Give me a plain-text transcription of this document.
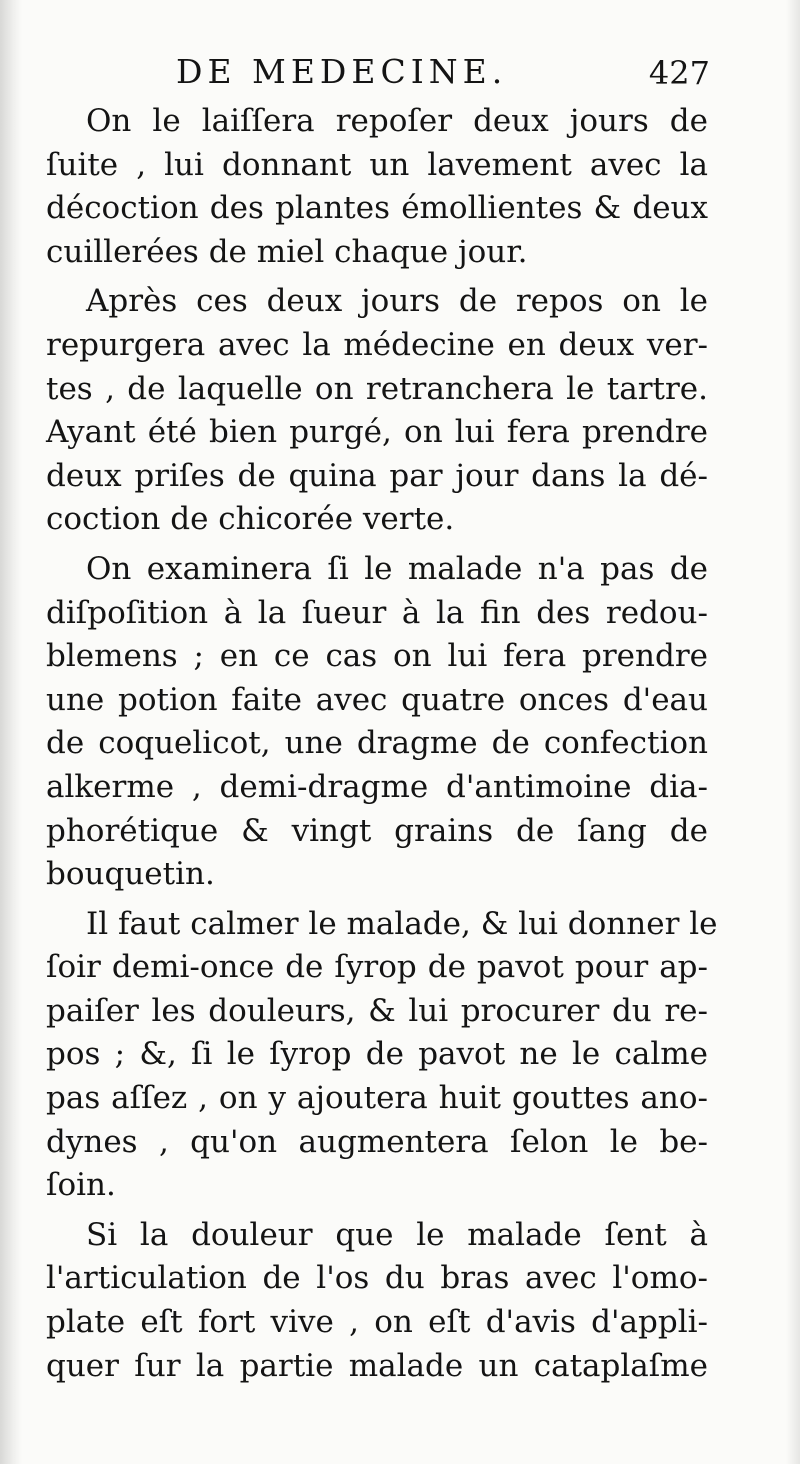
DE MEDECINE.	427
On le laiſſera repoſer deux jours de
ſuite , lui donnant un lavement avec la
décoction des plantes émollientes & deux
cuillerées de miel chaque jour.
Après ces deux jours de repos on le
repurgera avec la médecine en deux ver-
tes , de laquelle on retranchera le tartre.
Ayant été bien purgé, on lui fera prendre
deux priſes de quina par jour dans la dé-
coction de chicorée verte.
On examinera ſi le malade n'a pas de
diſpoſition à la ſueur à la fin des redou-
blemens ; en ce cas on lui fera prendre
une potion faite avec quatre onces d'eau
de coquelicot, une dragme de confection
alkerme , demi-dragme d'antimoine dia-
phorétique & vingt grains de ſang de
bouquetin.
Il faut calmer le malade, & lui donner le
ſoir demi-once de ſyrop de pavot pour ap-
paiſer les douleurs, & lui procurer du re-
pos ; &, ſi le ſyrop de pavot ne le calme
pas aſſez , on y ajoutera huit gouttes ano-
dynes , qu'on augmentera ſelon le be-
ſoin.
Si la douleur que le malade ſent à
l'articulation de l'os du bras avec l'omo-
plate eſt fort vive , on eſt d'avis d'appli-
quer ſur la partie malade un cataplaſme
